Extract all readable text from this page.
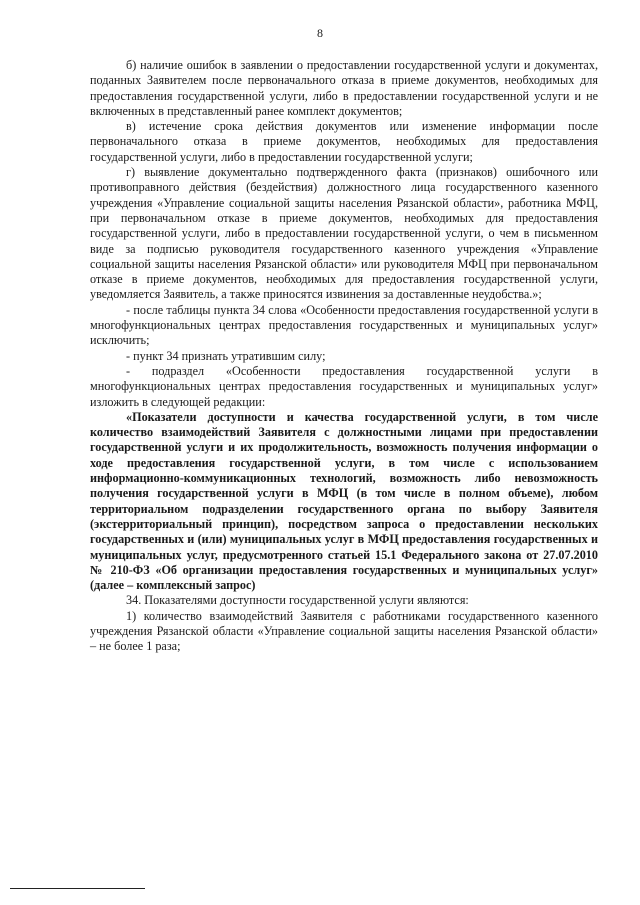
8

б) наличие ошибок в заявлении о предоставлении государственной услуги и документах, поданных Заявителем после первоначального отказа в приеме документов, необходимых для предоставления государственной услуги, либо в предоставлении государственной услуги и не включенных в представленный ранее комплект документов;

в) истечение срока действия документов или изменение информации после первоначального отказа в приеме документов, необходимых для предоставления государственной услуги, либо в предоставлении государственной услуги;

г) выявление документально подтвержденного факта (признаков) ошибочного или противоправного действия (бездействия) должностного лица государственного казенного учреждения «Управление социальной защиты населения Рязанской области», работника МФЦ, при первоначальном отказе в приеме документов, необходимых для предоставления государственной услуги, либо в предоставлении государственной услуги, о чем в письменном виде за подписью руководителя государственного казенного учреждения «Управление социальной защиты населения Рязанской области» или руководителя МФЦ при первоначальном отказе в приеме документов, необходимых для предоставления государственной услуги, уведомляется Заявитель, а также приносятся извинения за доставленные неудобства.»;

- после таблицы пункта 34 слова «Особенности предоставления государственной услуги в многофункциональных центрах предоставления государственных и муниципальных услуг» исключить;

- пункт 34 признать утратившим силу;

- подраздел «Особенности предоставления государственной услуги в многофункциональных центрах предоставления государственных и муниципальных услуг» изложить в следующей редакции:

«Показатели доступности и качества государственной услуги, в том числе количество взаимодействий Заявителя с должностными лицами при предоставлении государственной услуги и их продолжительность, возможность получения информации о ходе предоставления государственной услуги, в том числе с использованием информационно-коммуникационных технологий, возможность либо невозможность получения государственной услуги в МФЦ (в том числе в полном объеме), любом территориальном подразделении государственного органа по выбору Заявителя (экстерриториальный принцип), посредством запроса о предоставлении нескольких государственных и (или) муниципальных услуг в МФЦ предоставления государственных и муниципальных услуг, предусмотренного статьей 15.1 Федерального закона от 27.07.2010 № 210-ФЗ «Об организации предоставления государственных и муниципальных услуг» (далее – комплексный запрос)

34. Показателями доступности государственной услуги являются:

1) количество взаимодействий Заявителя с работниками государственного казенного учреждения Рязанской области «Управление социальной защиты населения Рязанской области» – не более 1 раза;
